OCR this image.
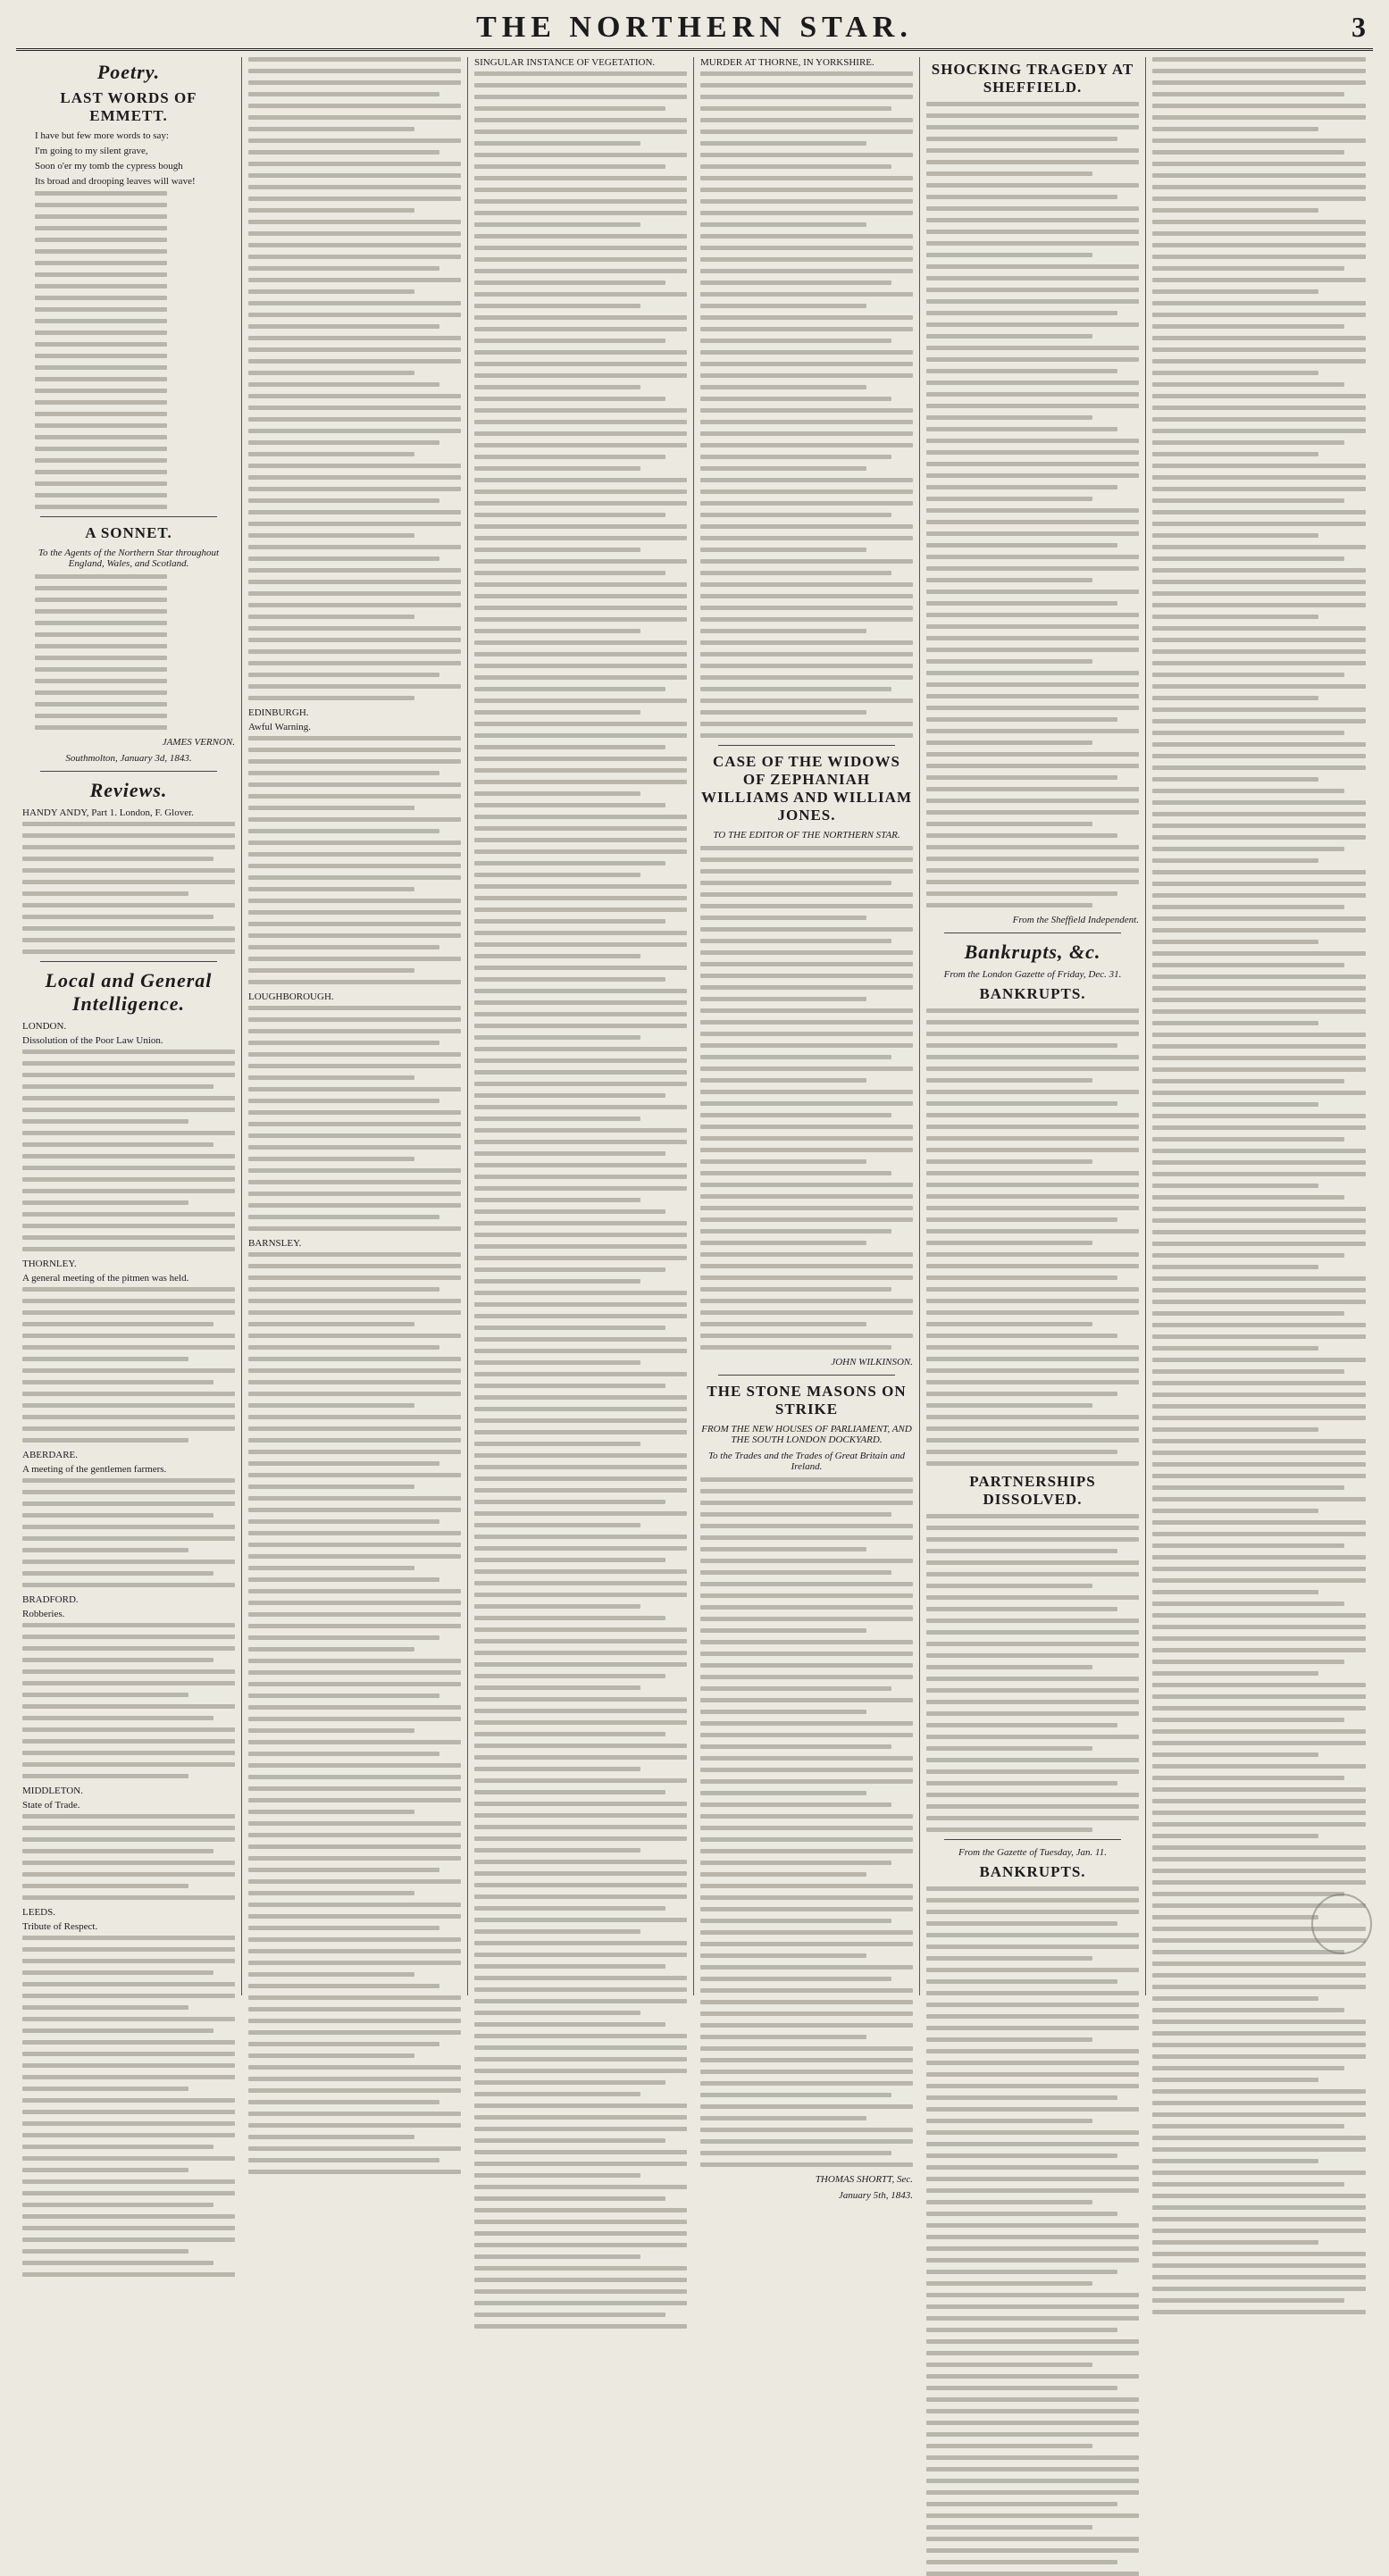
THE NORTHERN STAR.	3
Poetry.
LAST WORDS OF EMMETT.
I have but few more words to say:
I'm going to my silent grave,
Soon o'er my tomb the cypress bough
Its broad and drooping leaves will wave!
A SONNET.
To the Agents of the Northern Star throughout England, Wales, and Scotland.
JAMES VERNON.
Southmolton, January 3d, 1843.
Reviews.
HANDY ANDY, Part 1. London, F. Glover.
Local and General Intelligence.
LONDON.
Dissolution of the Poor Law Union.
THORNLEY.
A general meeting of the pitmen was held.
ABERDARE.
A meeting of the gentlemen farmers.
BRADFORD.
Robberies.
MIDDLETON.
State of Trade.
LEEDS.
Tribute of Respect.
EDINBURGH.
Awful Warning.
LOUGHBOROUGH.
BARNSLEY.
SINGULAR INSTANCE OF VEGETATION.	MURDER AT THORNE, IN YORKSHIRE.
CASE OF THE WIDOWS OF ZEPHANIAH WILLIAMS AND WILLIAM JONES.
TO THE EDITOR OF THE NORTHERN STAR.
JOHN WILKINSON.
THE STONE MASONS ON STRIKE
FROM THE NEW HOUSES OF PARLIAMENT, AND THE SOUTH LONDON DOCKYARD.
To the Trades and the Trades of Great Britain and Ireland.
THOMAS SHORTT, Sec.
January 5th, 1843.
SHOCKING TRAGEDY AT SHEFFIELD.
From the Sheffield Independent.
Bankrupts, &c.
From the London Gazette of Friday, Dec. 31.
BANKRUPTS.
PARTNERSHIPS DISSOLVED.
From the Gazette of Tuesday, Jan. 11.
BANKRUPTS.
